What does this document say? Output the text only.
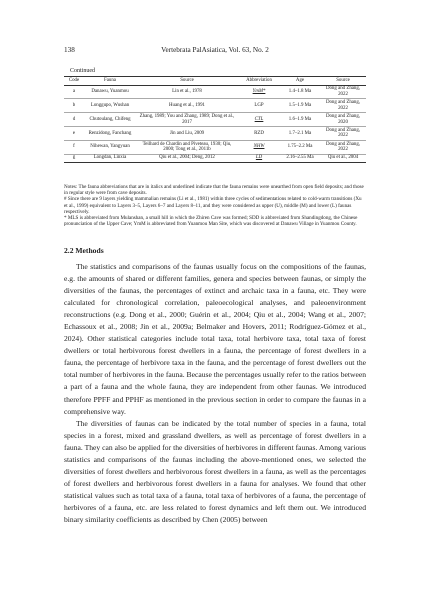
138	Vertebrata PalAsiatica, Vol. 63, No. 2
Continued
Code	Fauna	Source	Abbreviation	Age	Source
a	Danawu, Yuanmou	Lin et al., 1978	YmM*	1.4–1.8 Ma	Dong and Zhang, 2022
b	Longgupo, Wushan	Huang et al., 1991	LGP	1.5–1.9 Ma	Dong and Zhang, 2022
d	Chutoulang, Chifeng	Zhang, 1989; You and Zhang, 1989; Dong et al., 2017	CTL	1.6–1.9 Ma	Dong and Zhang, 2020
e	Renzidong, Fanchang	Jin and Liu, 2009	RZD	1.7–2.1 Ma	Dong and Zhang, 2022
f	Nihewan, Yangyuan	Teilhard de Chardin and Piveteau, 1930; Qiu, 2000; Tong et al., 2011b	NHW	1.75–2.2 Ma	Dong and Zhang, 2022
g	Longdan, Linxia	Qiu et al., 2004; Deng, 2012	LD	2.16–2.55 Ma	Qiu et al., 2004

Notes: The fauna abbreviations that are in italics and underlined indicate that the fauna remains were unearthed from open field deposits; and those in regular style were from cave deposits.

# Since there are 9 layers yielding mammalian remains (Li et al., 1981) within three cycles of sedimentations related to cold-warm transitions (Xu et al., 1999) equivalent to Layers 3–5, Layers 6–7 and Layers 8–11, and they were considered as upper (U), middle (M) and lower (L) faunas respectively.

* MLS is abbreviated from Mulanshan, a small hill in which the Zhiren Cave was formed; SDD is abbreviated from Shandingdong, the Chinese pronunciation of the Upper Cave; YmM is abbreviated from Yuanmou Man Site, which was discovered at Danawu Village in Yuanmou County.

2.2 Methods

The statistics and comparisons of the faunas usually focus on the compositions of the faunas, e.g. the amounts of shared or different families, genera and species between faunas, or simply the diversities of the faunas, the percentages of extinct and archaic taxa in a fauna, etc. They were calculated for chronological correlation, paleoecological analyses, and paleoenvironment reconstructions (e.g. Dong et al., 2000; Guérin et al., 2004; Qiu et al., 2004; Wang et al., 2007; Echassoux et al., 2008; Jin et al., 2009a; Belmaker and Hovers, 2011; Rodríguez-Gómez et al., 2024). Other statistical categories include total taxa, total herbivore taxa, total taxa of forest dwellers or total herbivorous forest dwellers in a fauna, the percentage of forest dwellers in a fauna, the percentage of herbivore taxa in the fauna, and the percentage of forest dwellers out the total number of herbivores in the fauna. Because the percentages usually refer to the ratios between a part of a fauna and the whole fauna, they are independent from other faunas. We introduced therefore PPFF and PPHF as mentioned in the previous section in order to compare the faunas in a comprehensive way.

The diversities of faunas can be indicated by the total number of species in a fauna, total species in a forest, mixed and grassland dwellers, as well as percentage of forest dwellers in a fauna. They can also be applied for the diversities of herbivores in different faunas. Among various statistics and comparisons of the faunas including the above-mentioned ones, we selected the diversities of forest dwellers and herbivorous forest dwellers in a fauna, as well as the percentages of forest dwellers and herbivorous forest dwellers in a fauna for analyses. We found that other statistical values such as total taxa of a fauna, total taxa of herbivores of a fauna, the percentage of herbivores of a fauna, etc. are less related to forest dynamics and left them out. We introduced binary similarity coefficients as described by Chen (2005) between
